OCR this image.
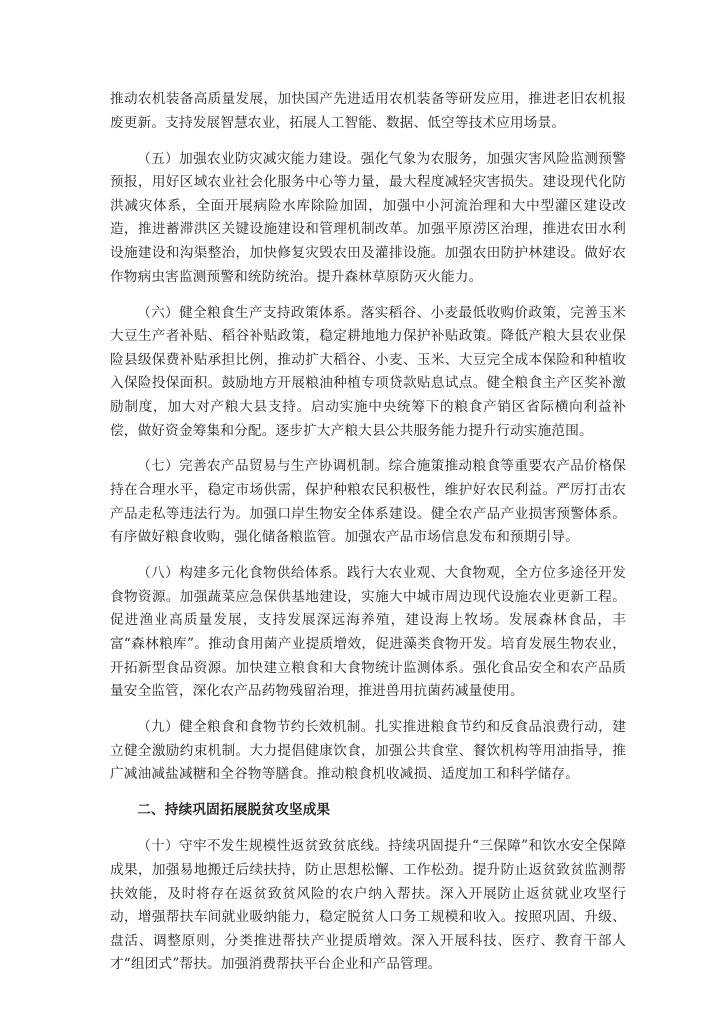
推动农机装备高质量发展，加快国产先进适用农机装备等研发应用，推进老旧农机报废更新。支持发展智慧农业，拓展人工智能、数据、低空等技术应用场景。

（五）加强农业防灾减灾能力建设。强化气象为农服务，加强灾害风险监测预警预报，用好区域农业社会化服务中心等力量，最大程度减轻灾害损失。建设现代化防洪减灾体系，全面开展病险水库除险加固，加强中小河流治理和大中型灌区建设改造，推进蓄滞洪区关键设施建设和管理机制改革。加强平原涝区治理，推进农田水利设施建设和沟渠整治，加快修复灾毁农田及灌排设施。加强农田防护林建设。做好农作物病虫害监测预警和统防统治。提升森林草原防灭火能力。

（六）健全粮食生产支持政策体系。落实稻谷、小麦最低收购价政策，完善玉米大豆生产者补贴、稻谷补贴政策，稳定耕地地力保护补贴政策。降低产粮大县农业保险县级保费补贴承担比例，推动扩大稻谷、小麦、玉米、大豆完全成本保险和种植收入保险投保面积。鼓励地方开展粮油种植专项贷款贴息试点。健全粮食主产区奖补激励制度，加大对产粮大县支持。启动实施中央统筹下的粮食产销区省际横向利益补偿，做好资金筹集和分配。逐步扩大产粮大县公共服务能力提升行动实施范围。

（七）完善农产品贸易与生产协调机制。综合施策推动粮食等重要农产品价格保持在合理水平，稳定市场供需，保护种粮农民积极性，维护好农民利益。严厉打击农产品走私等违法行为。加强口岸生物安全体系建设。健全农产品产业损害预警体系。有序做好粮食收购，强化储备粮监管。加强农产品市场信息发布和预期引导。

（八）构建多元化食物供给体系。践行大农业观、大食物观，全方位多途径开发食物资源。加强蔬菜应急保供基地建设，实施大中城市周边现代设施农业更新工程。促进渔业高质量发展，支持发展深远海养殖，建设海上牧场。发展森林食品，丰富“森林粮库”。推动食用菌产业提质增效，促进藻类食物开发。培育发展生物农业，开拓新型食品资源。加快建立粮食和大食物统计监测体系。强化食品安全和农产品质量安全监管，深化农产品药物残留治理，推进兽用抗菌药减量使用。

（九）健全粮食和食物节约长效机制。扎实推进粮食节约和反食品浪费行动，建立健全激励约束机制。大力提倡健康饮食，加强公共食堂、餐饮机构等用油指导，推广减油减盐减糖和全谷物等膳食。推动粮食机收减损、适度加工和科学储存。

二、持续巩固拓展脱贫攻坚成果

（十）守牢不发生规模性返贫致贫底线。持续巩固提升“三保障”和饮水安全保障成果，加强易地搬迁后续扶持，防止思想松懈、工作松劲。提升防止返贫致贫监测帮扶效能，及时将存在返贫致贫风险的农户纳入帮扶。深入开展防止返贫就业攻坚行动，增强帮扶车间就业吸纳能力，稳定脱贫人口务工规模和收入。按照巩固、升级、盘活、调整原则，分类推进帮扶产业提质增效。深入开展科技、医疗、教育干部人才“组团式”帮扶。加强消费帮扶平台企业和产品管理。
